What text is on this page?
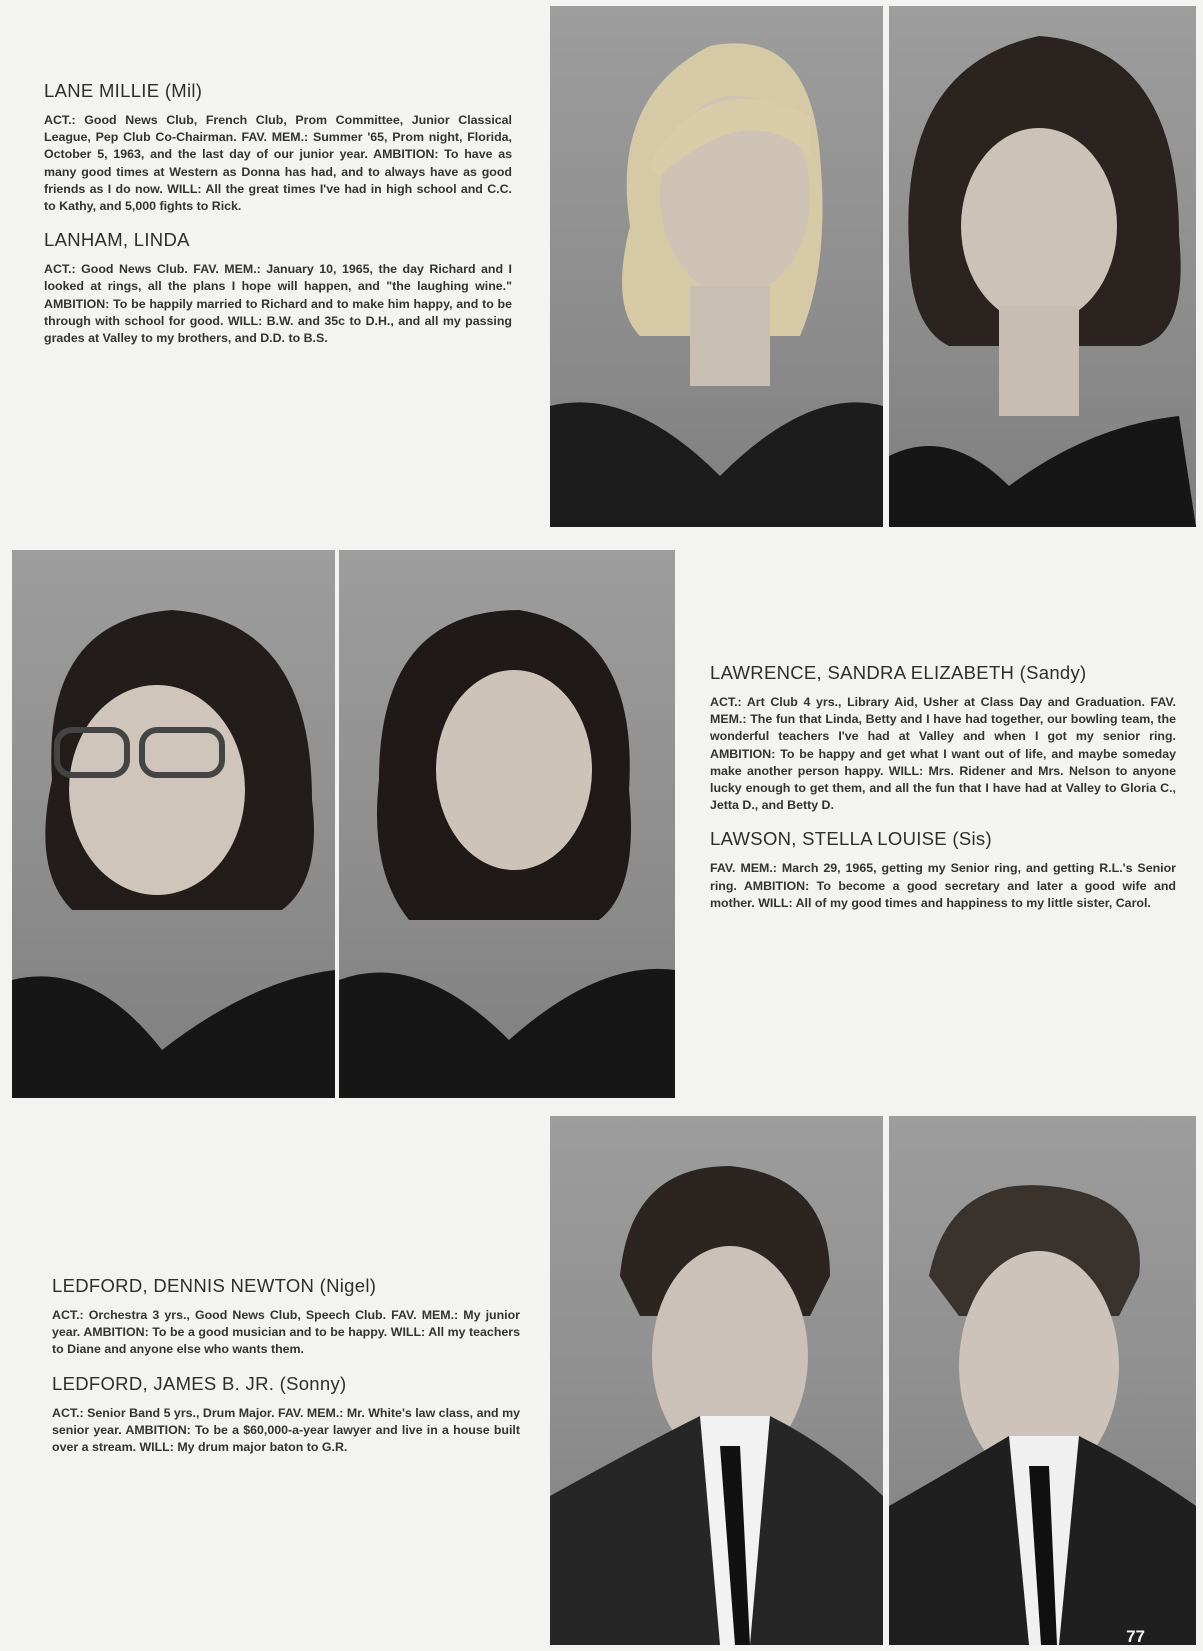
LANE MILLIE (Mil)

ACT.: Good News Club, French Club, Prom Committee, Junior Classical League, Pep Club Co-Chairman. FAV. MEM.: Summer '65, Prom night, Florida, October 5, 1963, and the last day of our junior year. AMBITION: To have as many good times at Western as Donna has had, and to always have as good friends as I do now. WILL: All the great times I've had in high school and C.C. to Kathy, and 5,000 fights to Rick.

LANHAM, LINDA

ACT.: Good News Club. FAV. MEM.: January 10, 1965, the day Richard and I looked at rings, all the plans I hope will happen, and "the laughing wine." AMBITION: To be happily married to Richard and to make him happy, and to be through with school for good. WILL: B.W. and 35c to D.H., and all my passing grades at Valley to my brothers, and D.D. to B.S.

LAWRENCE, SANDRA ELIZABETH (Sandy)

ACT.: Art Club 4 yrs., Library Aid, Usher at Class Day and Graduation. FAV. MEM.: The fun that Linda, Betty and I have had together, our bowling team, the wonderful teachers I've had at Valley and when I got my senior ring. AMBITION: To be happy and get what I want out of life, and maybe someday make another person happy. WILL: Mrs. Ridener and Mrs. Nelson to anyone lucky enough to get them, and all the fun that I have had at Valley to Gloria C., Jetta D., and Betty D.

LAWSON, STELLA LOUISE (Sis)

FAV. MEM.: March 29, 1965, getting my Senior ring, and getting R.L.'s Senior ring. AMBITION: To become a good secretary and later a good wife and mother. WILL: All of my good times and happiness to my little sister, Carol.

LEDFORD, DENNIS NEWTON (Nigel)

ACT.: Orchestra 3 yrs., Good News Club, Speech Club. FAV. MEM.: My junior year. AMBITION: To be a good musician and to be happy. WILL: All my teachers to Diane and anyone else who wants them.

LEDFORD, JAMES B. JR. (Sonny)

ACT.: Senior Band 5 yrs., Drum Major. FAV. MEM.: Mr. White's law class, and my senior year. AMBITION: To be a $60,000-a-year lawyer and live in a house built over a stream. WILL: My drum major baton to G.R.

77
